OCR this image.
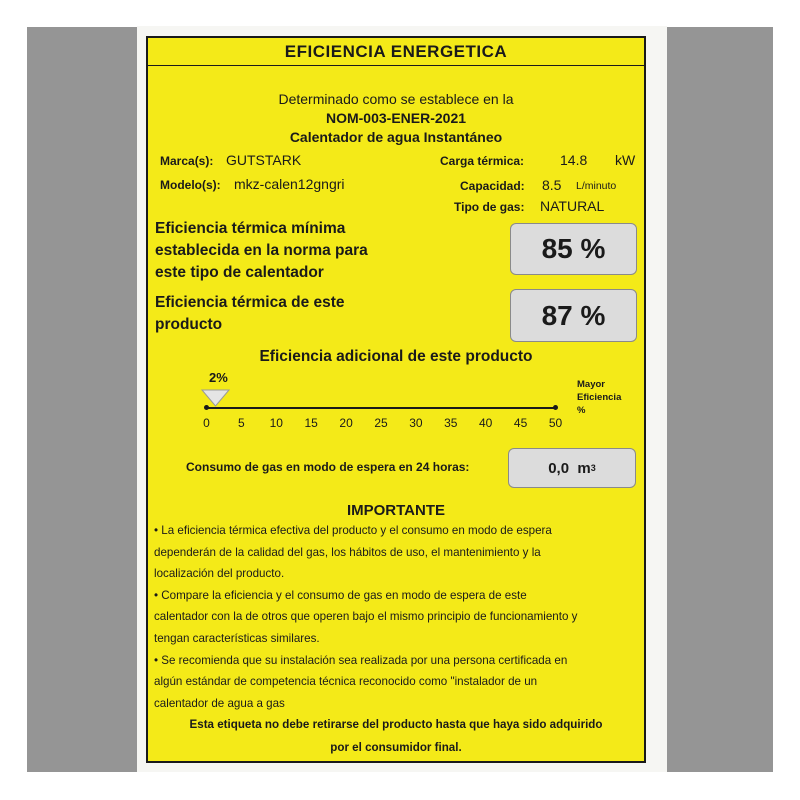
EFICIENCIA ENERGETICA
Determinado como se establece en la
NOM-003-ENER-2021
Calentador de agua Instantáneo
Marca(s): GUTSTARK
Modelo(s): mkz-calen12gngri
Carga térmica:	14.8 kW
Capacidad: 8.5 L/minuto
Tipo de gas: NATURAL
Eficiencia térmica mínima
establecida en la norma para
este tipo de calentador
85 %
Eficiencia térmica de este
producto	87 %
Eficiencia adicional de este producto
2%
0	5	10	15	20	25	30	35	40	45	50
Mayor
Eficiencia
%
Consumo de gas en modo de espera en 24 horas:	0,0
m 3
IMPORTANTE
• La eficiencia térmica efectiva del producto y el consumo en modo de espera
dependerán de la calidad del gas, los hábitos de uso, el mantenimiento y la
localización del producto.
• Compare la eficiencia y el consumo de gas en modo de espera de este
calentador con la de otros que operen bajo el mismo principio de funcionamiento y
tengan características similares.
• Se recomienda que su instalación sea realizada por una persona certificada en
algún estándar de competencia técnica reconocido como "instalador de un
calentador de agua a gas
Esta etiqueta no debe retirarse del producto hasta que haya sido adquirido
por el consumidor final.
